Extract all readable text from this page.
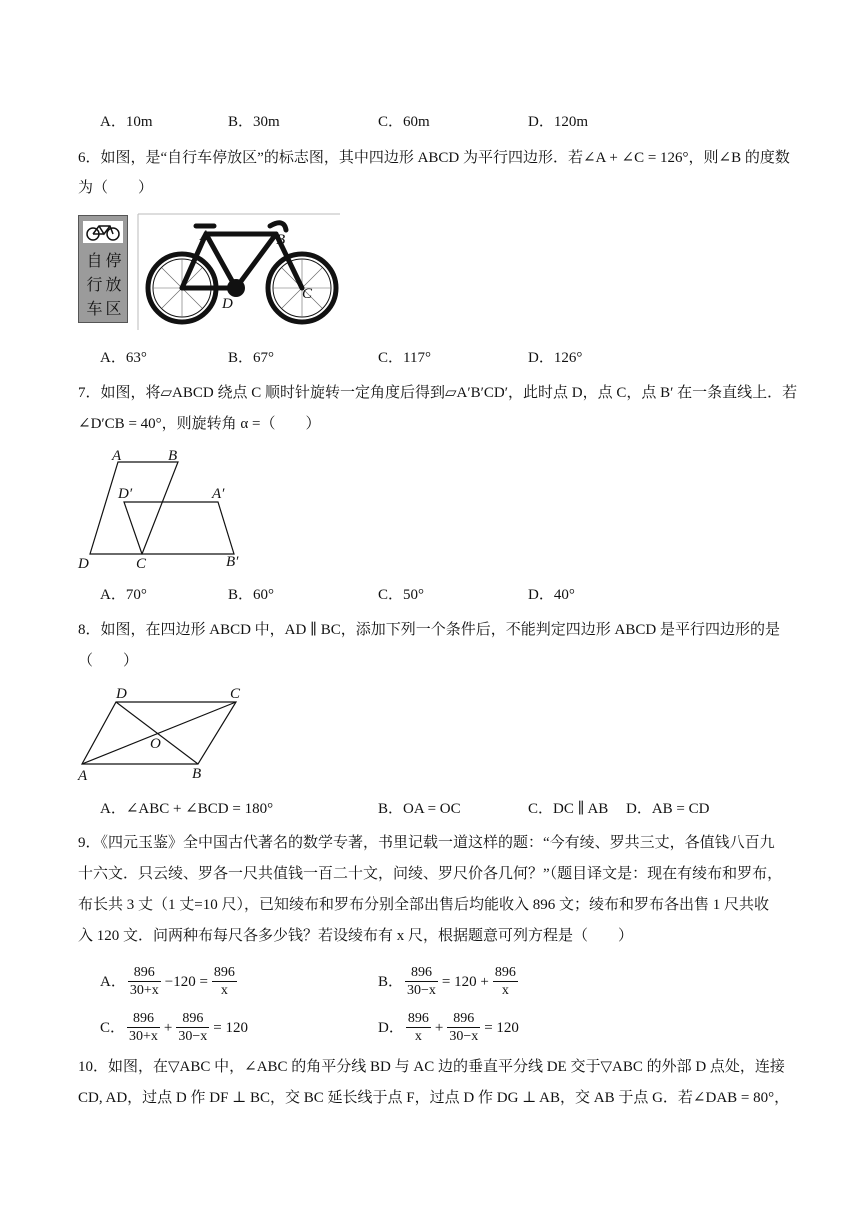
A．10m	B．30m	C．60m	D．120m
6．如图，是“自行车停放区”的标志图，其中四边形 ABCD 为平行四边形．若∠A + ∠C = 126°，则∠B 的度数
为（　　）
自 停
行 放
车 区
A	B
C
D
A．63°	B．67°	C．117°	D．126°
7．如图，将▱ABCD 绕点 C 顺时针旋转一定角度后得到▱A′B′CD′，此时点 D，点 C，点 B′ 在一条直线上．若
∠D′CB = 40°，则旋转角 α =（　　）
A	B
D′	A′
D	C	B′
A．70°	B．60°	C．50°	D．40°
8．如图，在四边形 ABCD 中，AD ∥ BC，添加下列一个条件后，不能判定四边形 ABCD 是平行四边形的是
（　　）
D	C
O
A	B
A．∠ABC + ∠BCD = 180°	B．OA = OC	C．DC ∥ AB D．AB = CD
9．《四元玉鉴》全中国古代著名的数学专著，书里记载一道这样的题：“今有绫、罗共三丈，各值钱八百九
十六文．只云绫、罗各一尺共值钱一百二十文，问绫、罗尺价各几何？”（题目译文是：现在有绫布和罗布，
布长共 3 丈（1 丈=10 尺），已知绫布和罗布分别全部出售后均能收入 896 文；绫布和罗布各出售 1 尺共收
入 120 文．问两种布每尺各多少钱？若设绫布有 x 尺，根据题意可列方程是（　　）
A． $\frac{896}{30+x} -120 = \frac{896}{x}$	B． $\frac{896}{30-x} = 120 + \frac{896}{x}$
C． $\frac{896}{30+x} + \frac{896}{30-x} = 120$	D． $\frac{896}{x} + \frac{896}{30-x} = 120$
10．如图，在▽ABC 中，∠ABC 的角平分线 BD 与 AC 边的垂直平分线 DE 交于▽ABC 的外部 D 点处，连接
CD, AD，过点 D 作 DF ⊥ BC，交 BC 延长线于点 F，过点 D 作 DG ⊥ AB，交 AB 于点 G．若∠DAB = 80°，
